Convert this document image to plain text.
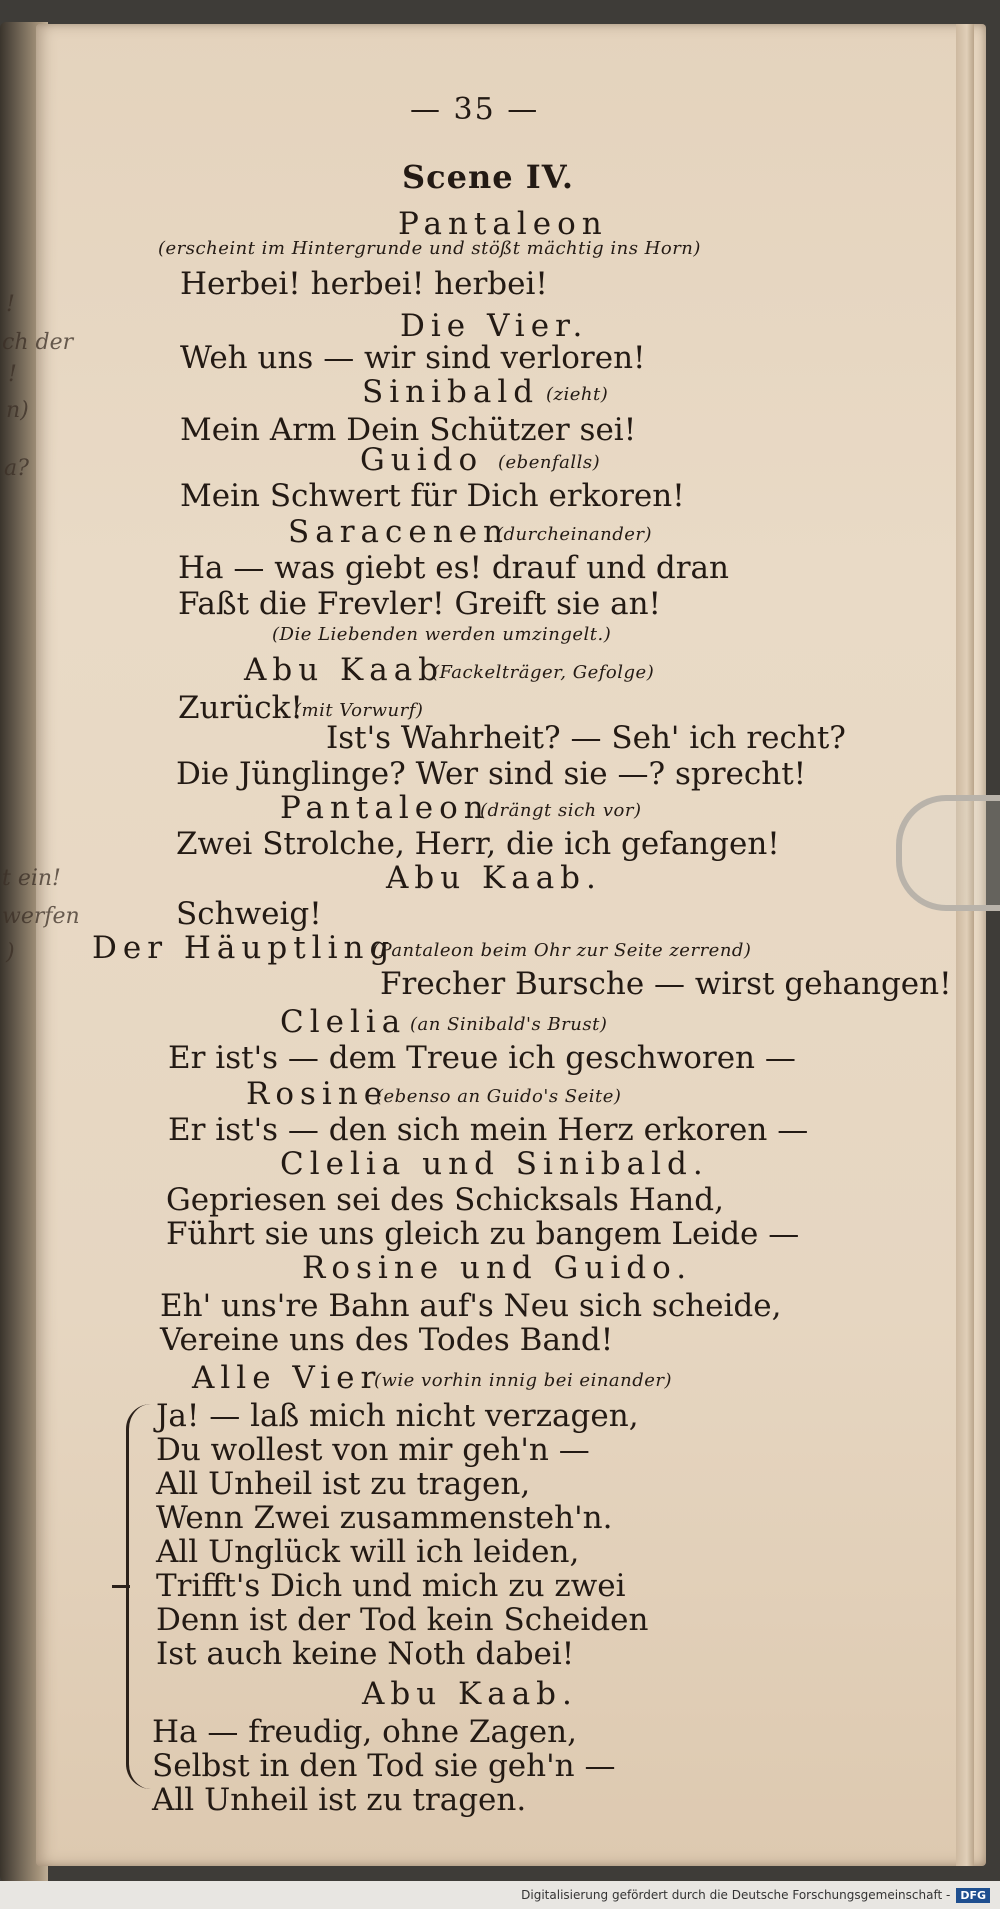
!
ch der
!
n)
a?
t ein!
werfen
)
— 35 —
Scene IV.
Pantaleon
(erscheint im Hintergrunde und stößt mächtig ins Horn)
Herbei! herbei! herbei!
Die Vier.
Weh uns — wir sind verloren!
Sinibald (zieht)
Mein Arm Dein Schützer sei!
Guido (ebenfalls)
Mein Schwert für Dich erkoren!
Saracenen
(durcheinander)
Ha — was giebt es! drauf und dran
Faßt die Frevler! Greift sie an!
(Die Liebenden werden umzingelt.)
Abu Kaab
(Fackelträger, Gefolge)
Zurück!
(mit Vorwurf)
Ist's Wahrheit? — Seh' ich recht?
Die Jünglinge? Wer sind sie —? sprecht!
Pantaleon
(drängt sich vor)
Zwei Strolche, Herr, die ich gefangen!
Abu Kaab.
Schweig!
Der Häuptling
(Pantaleon beim Ohr zur Seite zerrend)
Frecher Bursche — wirst gehangen!
Clelia (an Sinibald's Brust)
Er ist's — dem Treue ich geschworen —
Rosine
(ebenso an Guido's Seite)
Er ist's — den sich mein Herz erkoren —
Clelia und Sinibald.
Gepriesen sei des Schicksals Hand,
Führt sie uns gleich zu bangem Leide —
Rosine und Guido.
Eh' uns're Bahn auf's Neu sich scheide,
Vereine uns des Todes Band!
Alle Vier
(wie vorhin innig bei einander)
Ja! — laß mich nicht verzagen,
Du wollest von mir geh'n —
All Unheil ist zu tragen,
Wenn Zwei zusammensteh'n.
All Unglück will ich leiden,
Trifft's Dich und mich zu zwei
Denn ist der Tod kein Scheiden
Ist auch keine Noth dabei!
Abu Kaab.
Ha — freudig, ohne Zagen,
Selbst in den Tod sie geh'n —
All Unheil ist zu tragen.
Digitalisierung gefördert durch die Deutsche Forschungsgemeinschaft - DFG
